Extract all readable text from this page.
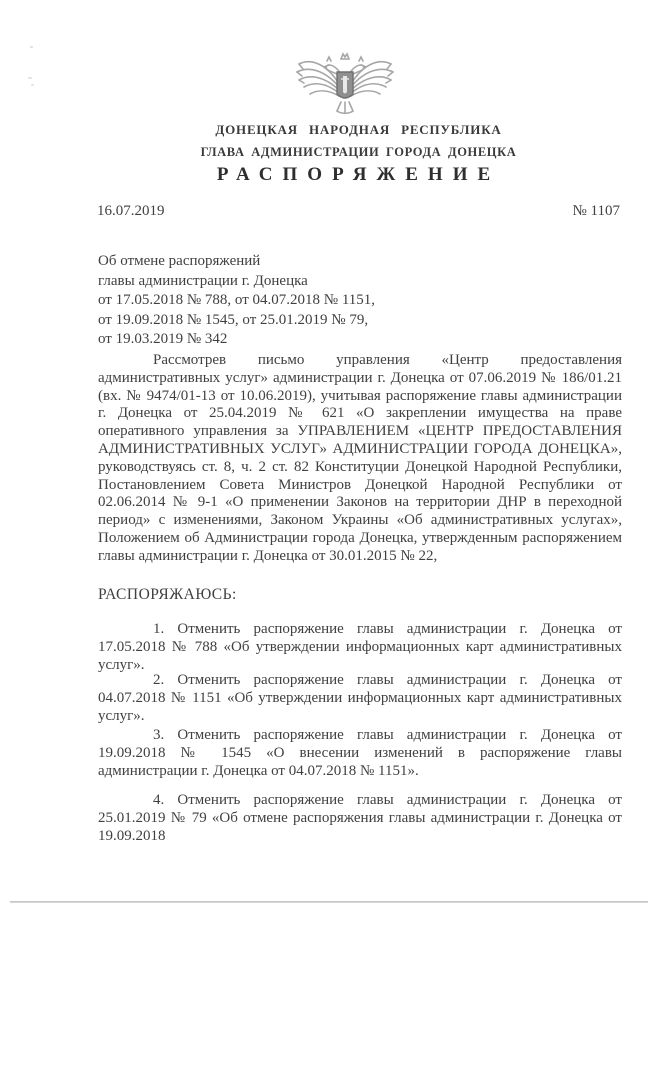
ДОНЕЦКАЯ НАРОДНАЯ РЕСПУБЛИКА
ГЛАВА АДМИНИСТРАЦИИ ГОРОДА ДОНЕЦКА
РАСПОРЯЖЕНИЕ
16.07.2019	№ 1107
Об отмене распоряжений
главы администрации г. Донецка
от 17.05.2018 № 788, от 04.07.2018 № 1151,
от 19.09.2018 № 1545, от 25.01.2019 № 79,
от 19.03.2019 № 342
Рассмотрев письмо управления «Центр предоставления административных услуг» администрации г. Донецка от 07.06.2019 № 186/01.21 (вх. № 9474/01-13 от 10.06.2019), учитывая распоряжение главы администрации г. Донецка от 25.04.2019 № 621 «О закреплении имущества на праве оперативного управления за УПРАВЛЕНИЕМ «ЦЕНТР ПРЕДОСТАВЛЕНИЯ АДМИНИСТРАТИВНЫХ УСЛУГ» АДМИНИСТРАЦИИ ГОРОДА ДОНЕЦКА», руководствуясь ст. 8, ч. 2 ст. 82 Конституции Донецкой Народной Республики, Постановлением Совета Министров Донецкой Народной Республики от 02.06.2014 № 9-1 «О применении Законов на территории ДНР в переходной период» с изменениями, Законом Украины «Об административных услугах», Положением об Администрации города Донецка, утвержденным распоряжением главы администрации г. Донецка от 30.01.2015 № 22,
РАСПОРЯЖАЮСЬ:
1. Отменить распоряжение главы администрации г. Донецка от 17.05.2018 № 788 «Об утверждении информационных карт административных услуг».
2. Отменить распоряжение главы администрации г. Донецка от 04.07.2018 № 1151 «Об утверждении информационных карт административных услуг».
3. Отменить распоряжение главы администрации г. Донецка от 19.09.2018 № 1545 «О внесении изменений в распоряжение главы администрации г. Донецка от 04.07.2018 № 1151».
4. Отменить распоряжение главы администрации г. Донецка от 25.01.2019 № 79 «Об отмене распоряжения главы администрации г. Донецка от 19.09.2018
